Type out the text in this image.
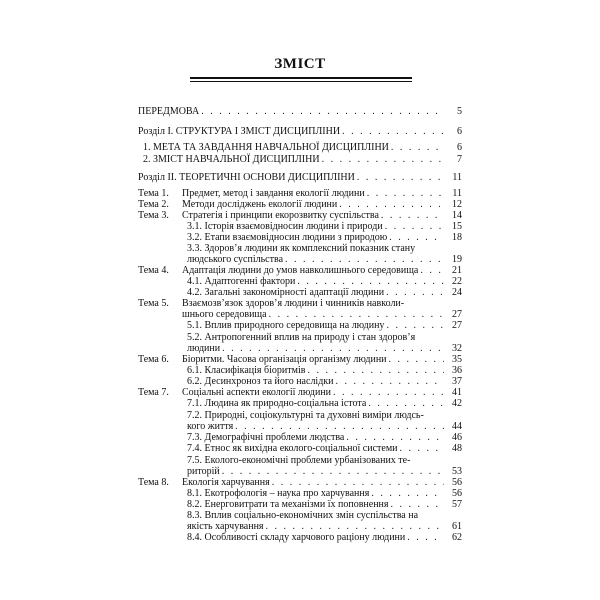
ЗМІСТ
ПЕРЕДМОВА . . .	5
Розділ I. СТРУКТУРА І ЗМІСТ ДИСЦИПЛІНИ . . .	6
1. МЕТА ТА ЗАВДАННЯ НАВЧАЛЬНОЇ ДИСЦИПЛІНИ . . .	6
2. ЗМІСТ НАВЧАЛЬНОЇ ДИСЦИПЛІНИ . . .	7
Розділ II. ТЕОРЕТИЧНІ ОСНОВИ ДИСЦИПЛІНИ . . .	11
Тема 1. Предмет, метод і завдання екології людини . . .	11
Тема 2. Методи досліджень екології людини . . .	12
Тема 3. Стратегія і принципи екорозвитку суспільства . . .	14
3.1. Історія взаємовідносин людини і природи . . .	15
3.2. Етапи взаємовідносин людини з природою . . .	18
3.3. Здоров’я людини як комплексний показник стану
людського суспільства . . .	19
Тема 4. Адаптація людини до умов навколишнього середовища . . .	21
4.1. Адаптогенні фактори . . .	22
4.2. Загальні закономірності адаптації людини . . .	24
Тема 5. Взаємозв’язок здоров’я людини і чинників навколи-
шнього середовища . . .	27
5.1. Вплив природного середовища на людину . . .	27
5.2. Антропогенний вплив на природу і стан здоров’я
людини . . .	32
Тема 6. Біоритми. Часова організація організму людини . . .	35
6.1. Класифікація біоритмів . . .	36
6.2. Десинхроноз та його наслідки . . .	37
Тема 7. Соціальні аспекти екології людини . . .	41
7.1. Людина як природно-соціальна істота . . .	42
7.2. Природні, соціокультурні та духовні виміри людсь-
кого життя . . .	44
7.3. Демографічні проблеми людства . . .	46
7.4. Етнос як вихідна еколого-соціальної системи . . .	48
7.5. Еколого-економічні проблеми урбанізованих те-
риторій . . .	53
Тема 8. Екологія харчування . . .	56
8.1. Екотрофологія – наука про харчування . . .	56
8.2. Енерговитрати та механізми їх поповнення . . .	57
8.3. Вплив соціально-економічних змін суспільства на
якість харчування . . .	61
8.4. Особливості складу харчового раціону людини . . .	62
